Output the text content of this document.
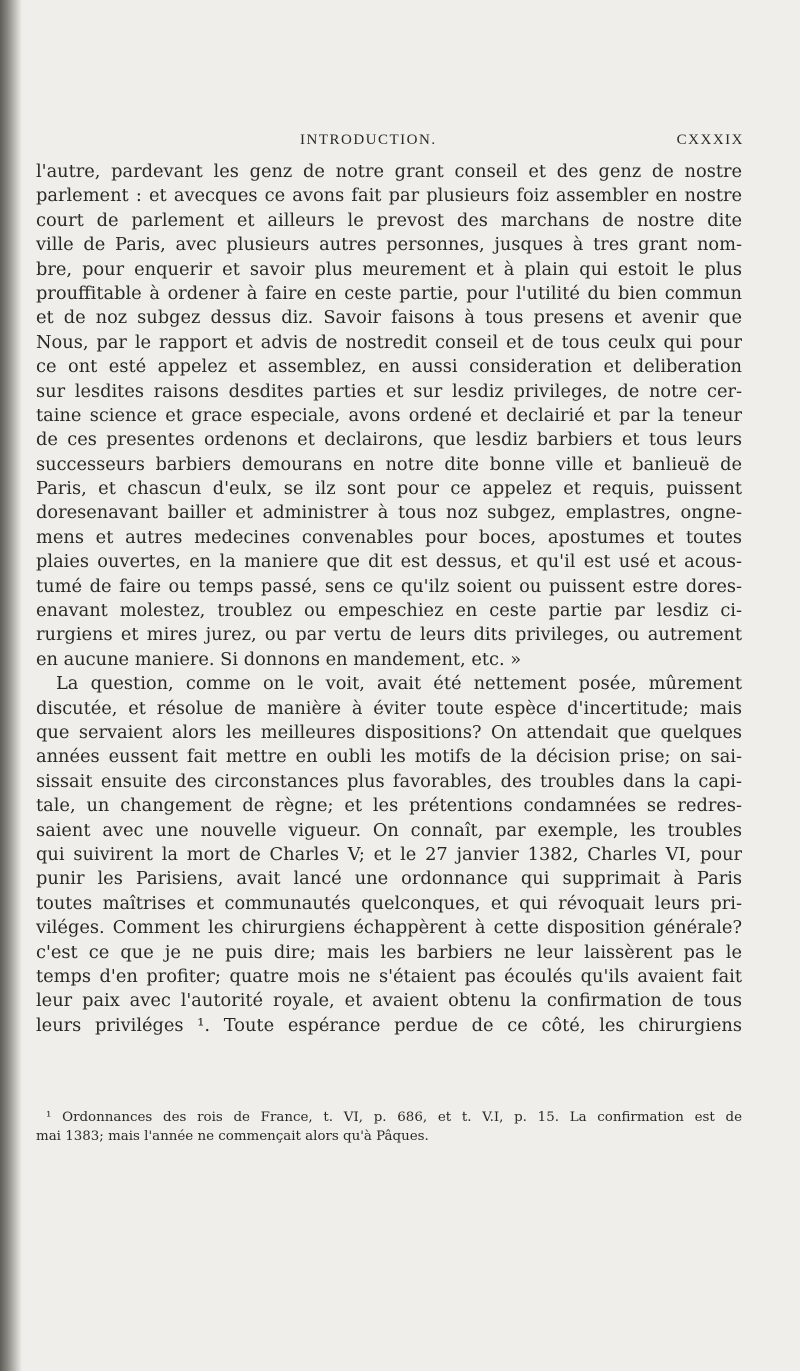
INTRODUCTION.	CXXXIX
l'autre, pardevant les genz de notre grant conseil et des genz de nostre
parlement : et avecques ce avons fait par plusieurs foiz assembler en nostre
court de parlement et ailleurs le prevost des marchans de nostre dite
ville de Paris, avec plusieurs autres personnes, jusques à tres grant nom-
bre, pour enquerir et savoir plus meurement et à plain qui estoit le plus
prouffitable à ordener à faire en ceste partie, pour l'utilité du bien commun
et de noz subgez dessus diz. Savoir faisons à tous presens et avenir que
Nous, par le rapport et advis de nostredit conseil et de tous ceulx qui pour
ce ont esté appelez et assemblez, en aussi consideration et deliberation
sur lesdites raisons desdites parties et sur lesdiz privileges, de notre cer-
taine science et grace especiale, avons ordené et declairié et par la teneur
de ces presentes ordenons et declairons, que lesdiz barbiers et tous leurs
successeurs barbiers demourans en notre dite bonne ville et banlieuë de
Paris, et chascun d'eulx, se ilz sont pour ce appelez et requis, puissent
doresenavant bailler et administrer à tous noz subgez, emplastres, ongne-
mens et autres medecines convenables pour boces, apostumes et toutes
plaies ouvertes, en la maniere que dit est dessus, et qu'il est usé et acous-
tumé de faire ou temps passé, sens ce qu'ilz soient ou puissent estre dores-
enavant molestez, troublez ou empeschiez en ceste partie par lesdiz ci-
rurgiens et mires jurez, ou par vertu de leurs dits privileges, ou autrement
en aucune maniere. Si donnons en mandement, etc. »
La question, comme on le voit, avait été nettement posée, mûrement
discutée, et résolue de manière à éviter toute espèce d'incertitude; mais
que servaient alors les meilleures dispositions? On attendait que quelques
années eussent fait mettre en oubli les motifs de la décision prise; on sai-
sissait ensuite des circonstances plus favorables, des troubles dans la capi-
tale, un changement de règne; et les prétentions condamnées se redres-
saient avec une nouvelle vigueur. On connaît, par exemple, les troubles
qui suivirent la mort de Charles V; et le 27 janvier 1382, Charles VI, pour
punir les Parisiens, avait lancé une ordonnance qui supprimait à Paris
toutes maîtrises et communautés quelconques, et qui révoquait leurs pri-
viléges. Comment les chirurgiens échappèrent à cette disposition générale?
c'est ce que je ne puis dire; mais les barbiers ne leur laissèrent pas le
temps d'en profiter; quatre mois ne s'étaient pas écoulés qu'ils avaient fait
leur paix avec l'autorité royale, et avaient obtenu la confirmation de tous
leurs priviléges ¹. Toute espérance perdue de ce côté, les chirurgiens
¹ Ordonnances des rois de France, t. VI, p. 686, et t. V.I, p. 15. La confirmation est de
mai 1383; mais l'année ne commençait alors qu'à Pâques.
